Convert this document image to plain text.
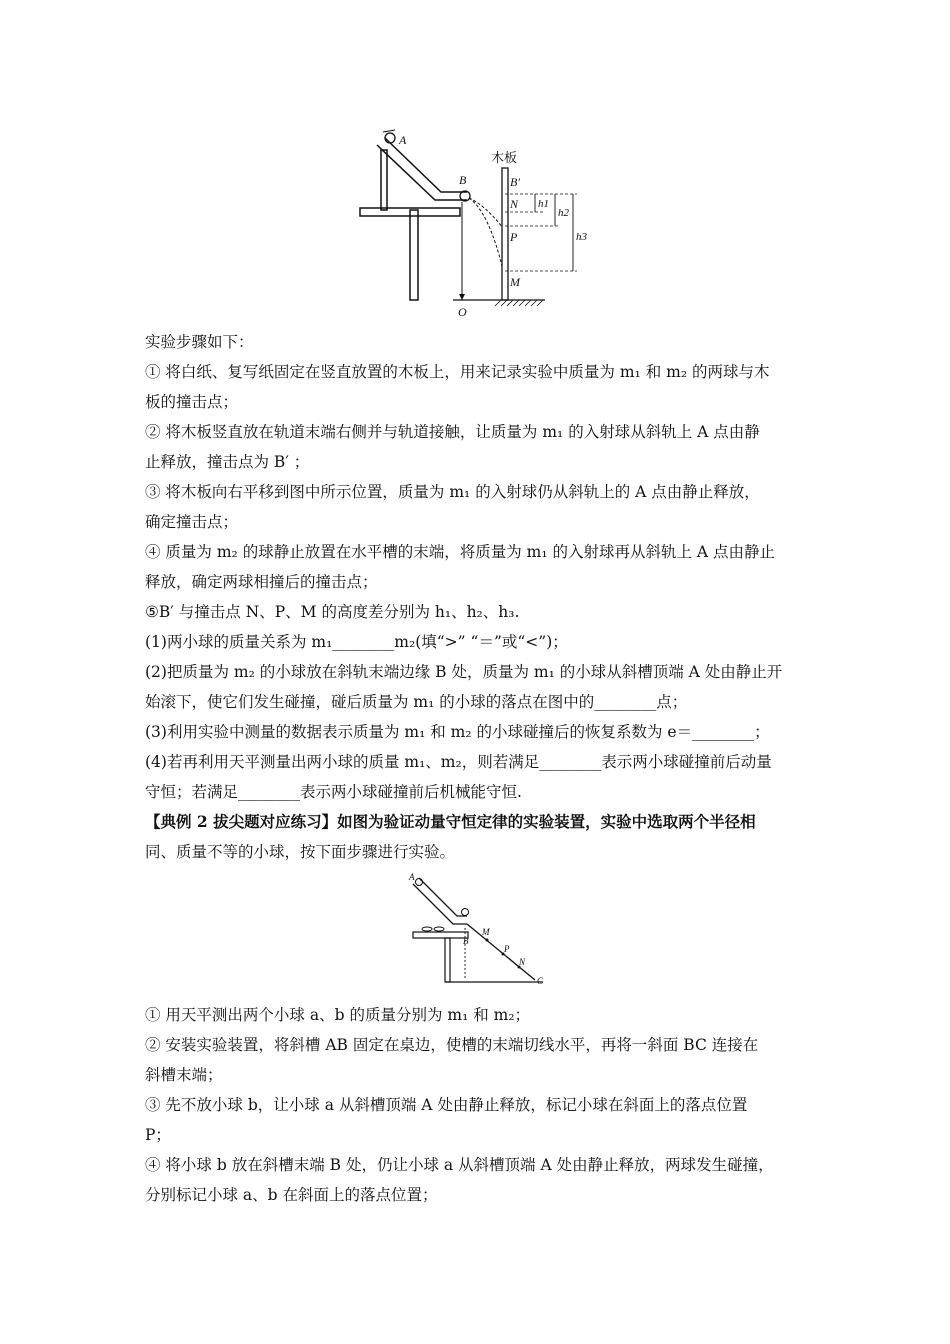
A
B
O
木板
B′
N
P
M
h1
h2
h3
A
B
M
P
N
C
实验步骤如下：
① 将白纸、复写纸固定在竖直放置的木板上，用来记录实验中质量为 m₁ 和 m₂ 的两球与木
板的撞击点；
② 将木板竖直放在轨道末端右侧并与轨道接触，让质量为 m₁ 的入射球从斜轨上 A 点由静
止释放，撞击点为 B′ ；
③ 将木板向右平移到图中所示位置，质量为 m₁ 的入射球仍从斜轨上的 A 点由静止释放，
确定撞击点；
④ 质量为 m₂ 的球静止放置在水平槽的末端，将质量为 m₁ 的入射球再从斜轨上 A 点由静止
释放，确定两球相撞后的撞击点；
⑤B′ 与撞击点 N、P、M 的高度差分别为 h₁、h₂、h₃.
(1)两小球的质量关系为 m₁________m₂(填“>” “＝”或“<”)；
(2)把质量为 m₂ 的小球放在斜轨末端边缘 B 处，质量为 m₁ 的小球从斜槽顶端 A 处由静止开
始滚下，使它们发生碰撞，碰后质量为 m₁ 的小球的落点在图中的________点；
(3)利用实验中测量的数据表示质量为 m₁ 和 m₂ 的小球碰撞后的恢复系数为 e＝________；
(4)若再利用天平测量出两小球的质量 m₁、m₂，则若满足________表示两小球碰撞前后动量
守恒；若满足________表示两小球碰撞前后机械能守恒.
【典例 2 拔尖题对应练习】如图为验证动量守恒定律的实验装置，实验中选取两个半径相
同、质量不等的小球，按下面步骤进行实验。
① 用天平测出两个小球 a、b 的质量分别为 m₁ 和 m₂；
② 安装实验装置，将斜槽 AB 固定在桌边，使槽的末端切线水平，再将一斜面 BC 连接在
斜槽末端；
③ 先不放小球 b，让小球 a 从斜槽顶端 A 处由静止释放，标记小球在斜面上的落点位置
P；
④ 将小球 b 放在斜槽末端 B 处，仍让小球 a 从斜槽顶端 A 处由静止释放，两球发生碰撞，
分别标记小球 a、b 在斜面上的落点位置；
